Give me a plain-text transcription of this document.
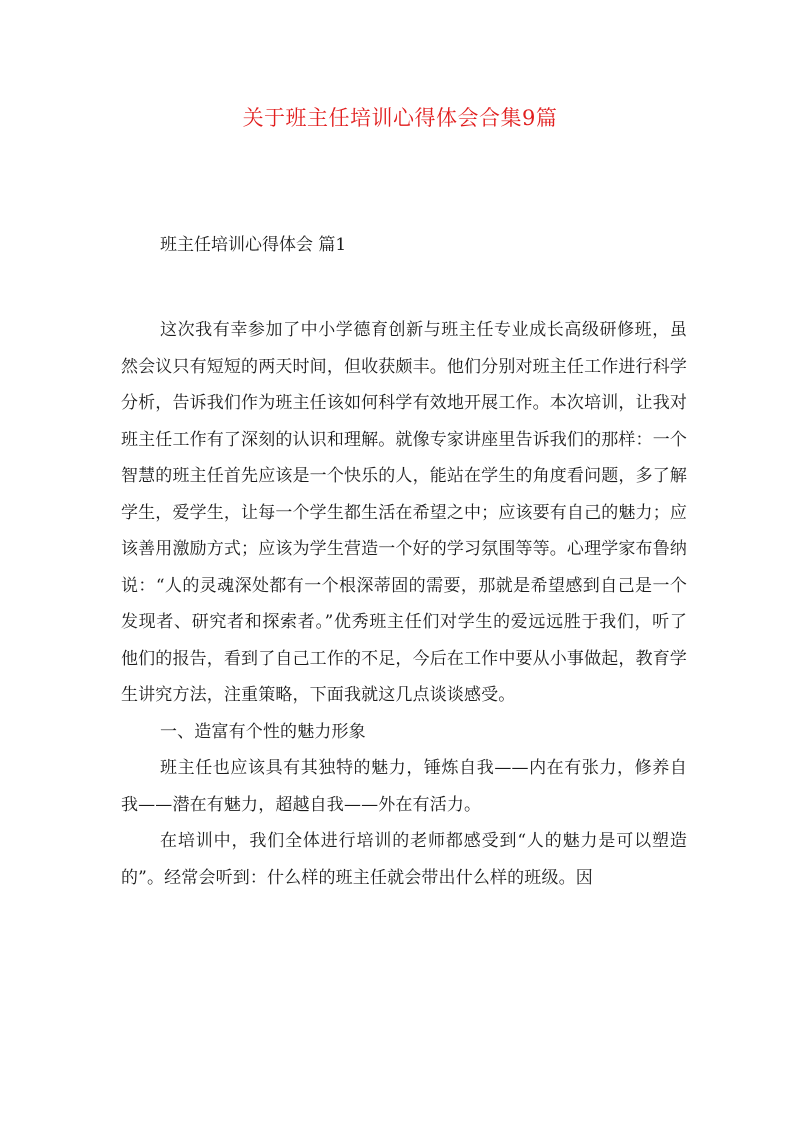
关于班主任培训心得体会合集9篇
班主任培训心得体会 篇1

这次我有幸参加了中小学德育创新与班主任专业成长高级研修班，虽然会议只有短短的两天时间，但收获颇丰。他们分别对班主任工作进行科学分析，告诉我们作为班主任该如何科学有效地开展工作。本次培训，让我对班主任工作有了深刻的认识和理解。就像专家讲座里告诉我们的那样：一个智慧的班主任首先应该是一个快乐的人，能站在学生的角度看问题，多了解学生，爱学生，让每一个学生都生活在希望之中；应该要有自己的魅力；应该善用激励方式；应该为学生营造一个好的学习氛围等等。心理学家布鲁纳说：“人的灵魂深处都有一个根深蒂固的需要，那就是希望感到自己是一个发现者、研究者和探索者。”优秀班主任们对学生的爱远远胜于我们，听了他们的报告，看到了自己工作的不足，今后在工作中要从小事做起，教育学生讲究方法，注重策略，下面我就这几点谈谈感受。

一、造富有个性的魅力形象

班主任也应该具有其独特的魅力，锤炼自我——内在有张力，修养自我——潜在有魅力，超越自我——外在有活力。

在培训中，我们全体进行培训的老师都感受到“人的魅力是可以塑造的”。经常会听到：什么样的班主任就会带出什么样的班级。因
